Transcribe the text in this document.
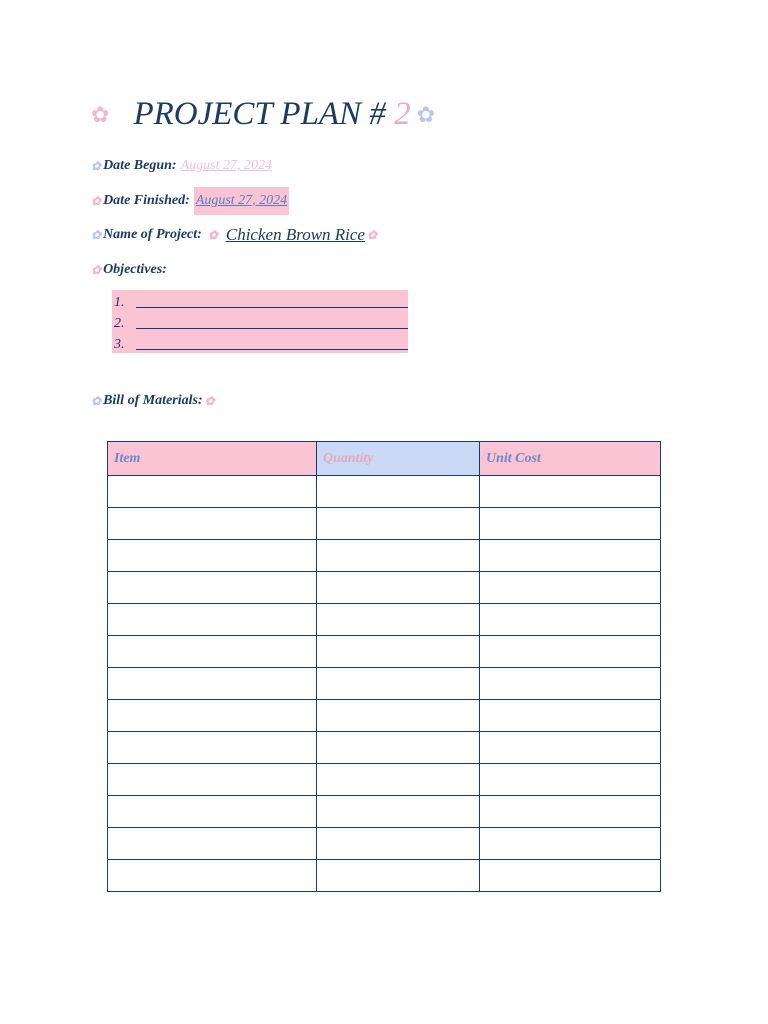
✿ PROJECT PLAN # 2 ✿
✿ Date Begun: August 27, 2024
✿ Date Finished: August 27, 2024
✿ Name of Project: ✿ Chicken Brown Rice ✿
✿ Objectives:
1.
2.
3.
✿ Bill of Materials: ✿
Item	Quantity	Unit Cost
